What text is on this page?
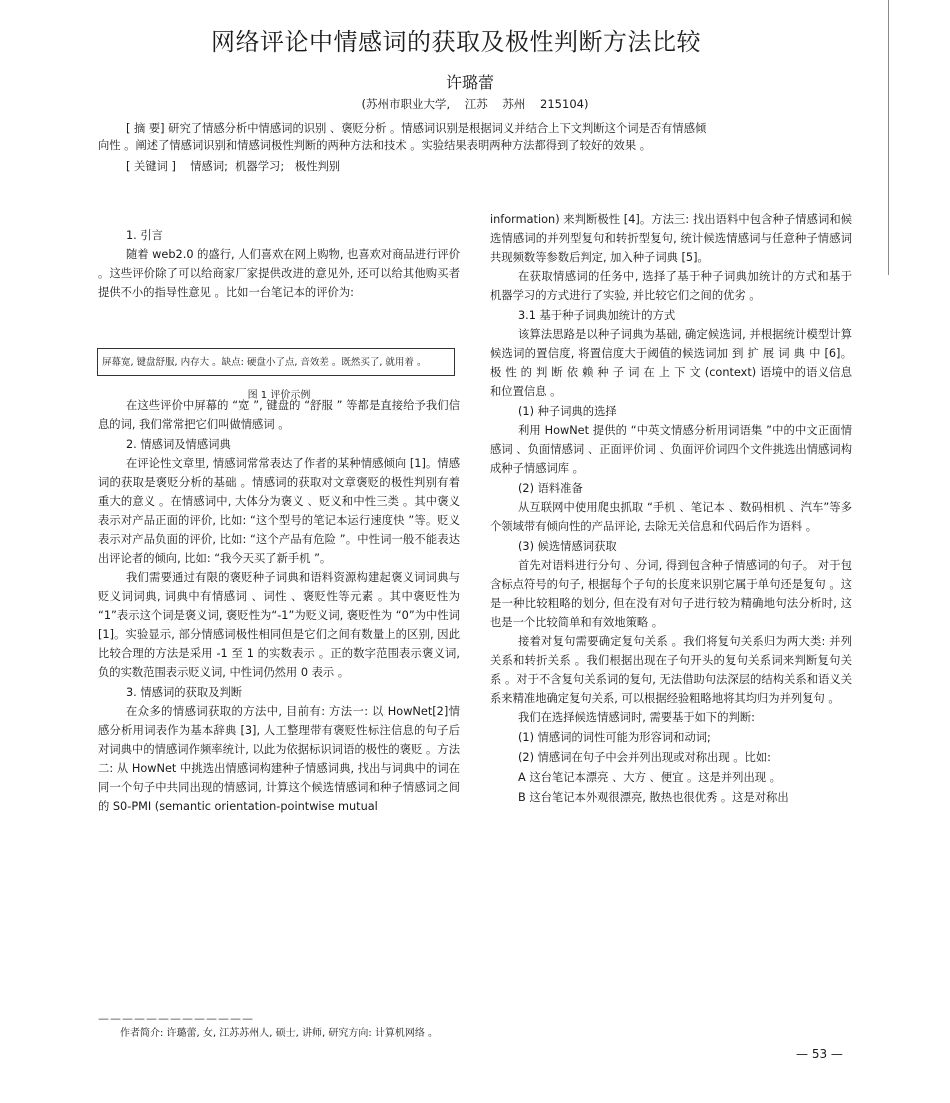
网络评论中情感词的获取及极性判断方法比较
许璐蕾
(苏州市职业大学,    江苏    苏州    215104)

[ 摘 要] 研究了情感分析中情感词的识别 、褒贬分析 。情感词识别是根据词义并结合上下文判断这个词是否有情感倾

向性 。阐述了情感词识别和情感词极性判断的两种方法和技术 。实验结果表明两种方法都得到了较好的效果 。

[ 关键词 ]    情感词;  机器学习;   极性判别

1. 引言

随着 web2.0 的盛行, 人们喜欢在网上购物, 也喜欢对商品进行评价 。这些评价除了可以给商家厂家提供改进的意见外, 还可以给其他购买者提供不小的指导性意见 。比如一台笔记本的评价为:

在这些评价中屏幕的 “宽 ”, 键盘的 “舒服 ” 等都是直接给予我们信息的词, 我们常常把它们叫做情感词 。

2. 情感词及情感词典

在评论性文章里, 情感词常常表达了作者的某种情感倾向 [1]。情感词的获取是褒贬分析的基础 。情感词的获取对文章褒贬的极性判别有着重大的意义 。在情感词中, 大体分为褒义 、贬义和中性三类 。其中褒义表示对产品正面的评价, 比如: “这个型号的笔记本运行速度快 ”等。贬义表示对产品负面的评价, 比如: “这个产品有危险 ”。中性词一般不能表达出评论者的倾向, 比如: “我今天买了新手机 ”。

我们需要通过有限的褒贬种子词典和语料资源构建起褒义词词典与贬义词词典, 词典中有情感词 、词性 、褒贬性等元素 。其中褒贬性为 “1”表示这个词是褒义词, 褒贬性为“-1”为贬义词, 褒贬性为 “0”为中性词 [1]。实验显示, 部分情感词极性相同但是它们之间有数量上的区别, 因此比较合理的方法是采用 -1 至 1 的实数表示 。正的数字范围表示褒义词, 负的实数范围表示贬义词, 中性词仍然用 0 表示 。

3. 情感词的获取及判断

在众多的情感词获取的方法中, 目前有: 方法一: 以 HowNet[2]情感分析用词表作为基本辞典 [3], 人工整理带有褒贬性标注信息的句子后对词典中的情感词作频率统计, 以此为依据标识词语的极性的褒贬 。方法二: 从 HowNet 中挑选出情感词构建种子情感词典, 找出与词典中的词在同一个句子中共同出现的情感词, 计算这个候选情感词和种子情感词之间的 S0-PMI (semantic orientation-pointwise mutual

屏幕宽, 键盘舒服, 内存大 。缺点: 硬盘小了点, 音效差 。既然买了, 就用着 。
图 1 评价示例

information) 来判断极性 [4]。方法三: 找出语料中包含种子情感词和候选情感词的并列型复句和转折型复句, 统计候选情感词与任意种子情感词共现频数等参数后判定, 加入种子词典 [5]。

在获取情感词的任务中, 选择了基于种子词典加统计的方式和基于机器学习的方式进行了实验, 并比较它们之间的优劣 。

3.1 基于种子词典加统计的方式

该算法思路是以种子词典为基础, 确定候选词, 并根据统计模型计算候选词的置信度, 将置信度大于阈值的候选词加 到 扩 展 词 典 中 [6]。 极 性 的 判 断 依 赖 种 子 词 在 上 下 文 (context) 语境中的语义信息和位置信息 。

(1) 种子词典的选择

利用 HowNet 提供的 “中英文情感分析用词语集 ”中的中文正面情感词 、负面情感词 、正面评价词 、负面评价词四个文件挑选出情感词构成种子情感词库 。

(2) 语料准备

从互联网中使用爬虫抓取 “手机 、笔记本 、数码相机 、汽车”等多个领域带有倾向性的产品评论, 去除无关信息和代码后作为语料 。

(3) 候选情感词获取

首先对语料进行分句 、分词, 得到包含种子情感词的句子。 对于包含标点符号的句子, 根据每个子句的长度来识别它属于单句还是复句 。这是一种比较粗略的划分, 但在没有对句子进行较为精确地句法分析时, 这也是一个比较简单和有效地策略 。

接着对复句需要确定复句关系 。我们将复句关系归为两大类: 并列关系和转折关系 。我们根据出现在子句开头的复句关系词来判断复句关系 。对于不含复句关系词的复句, 无法借助句法深层的结构关系和语义关系来精准地确定复句关系, 可以根据经验粗略地将其均归为并列复句 。

我们在选择候选情感词时, 需要基于如下的判断:

(1) 情感词的词性可能为形容词和动词;

(2) 情感词在句子中会并列出现或对称出现 。比如:

A 这台笔记本漂亮 、大方 、便宜 。这是并列出现 。

B 这台笔记本外观很漂亮, 散热也很优秀 。这是对称出

—————————————
作者简介: 许璐蕾, 女, 江苏苏州人, 硕士, 讲师, 研究方向: 计算机网络 。
— 53 —
